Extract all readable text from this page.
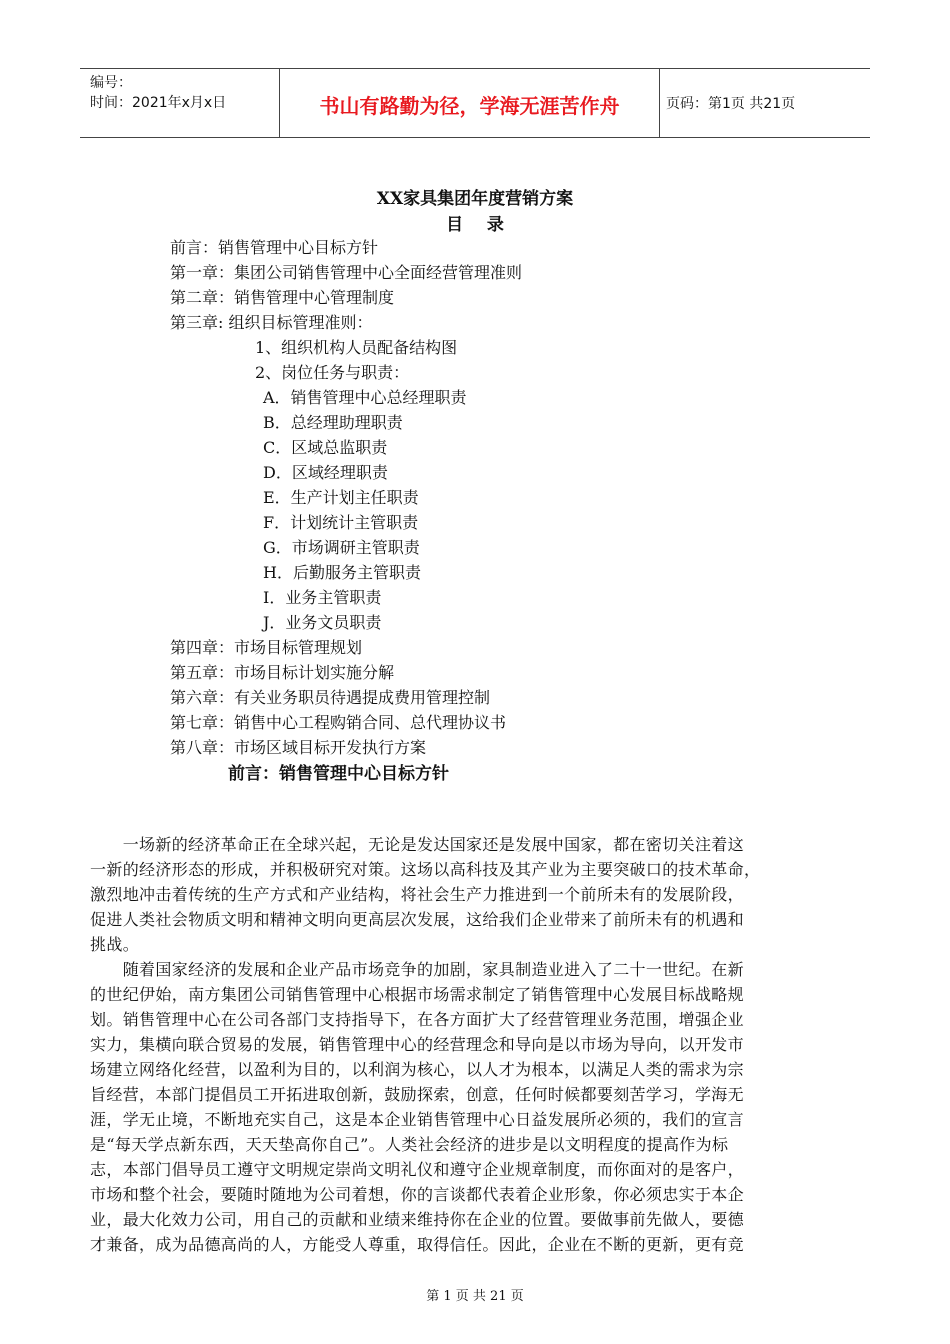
编号：
时间：2021年x月x日	书山有路勤为径，学海无涯苦作舟	页码：第1页 共21页
XX家具集团年度营销方案
目    录
前言：销售管理中心目标方针
第一章：集团公司销售管理中心全面经营管理准则
第二章：销售管理中心管理制度
第三章: 组织目标管理准则：
1、组织机构人员配备结构图
2、岗位任务与职责：
A．销售管理中心总经理职责
B．总经理助理职责
C．区域总监职责
D．区域经理职责
E．生产计划主任职责
F．计划统计主管职责
G．市场调研主管职责
H．后勤服务主管职责
I．业务主管职责
J．业务文员职责
第四章：市场目标管理规划
第五章：市场目标计划实施分解
第六章：有关业务职员待遇提成费用管理控制
第七章：销售中心工程购销合同、总代理协议书
第八章：市场区域目标开发执行方案
前言：销售管理中心目标方针
　　一场新的经济革命正在全球兴起，无论是发达国家还是发展中国家，都在密切关注着这
一新的经济形态的形成，并积极研究对策。这场以高科技及其产业为主要突破口的技术革命，
激烈地冲击着传统的生产方式和产业结构，将社会生产力推进到一个前所未有的发展阶段，
促进人类社会物质文明和精神文明向更高层次发展，这给我们企业带来了前所未有的机遇和
挑战。
　　随着国家经济的发展和企业产品市场竞争的加剧，家具制造业进入了二十一世纪。在新
的世纪伊始，南方集团公司销售管理中心根据市场需求制定了销售管理中心发展目标战略规
划。销售管理中心在公司各部门支持指导下，在各方面扩大了经营管理业务范围，增强企业
实力，集横向联合贸易的发展，销售管理中心的经营理念和导向是以市场为导向，以开发市
场建立网络化经营，以盈利为目的，以利润为核心，以人才为根本，以满足人类的需求为宗
旨经营，本部门提倡员工开拓进取创新，鼓励探索，创意，任何时候都要刻苦学习，学海无
涯，学无止境，不断地充实自己，这是本企业销售管理中心日益发展所必须的，我们的宣言
是“每天学点新东西，天天垫高你自己”。人类社会经济的进步是以文明程度的提高作为标
志，本部门倡导员工遵守文明规定崇尚文明礼仪和遵守企业规章制度，而你面对的是客户，
市场和整个社会，要随时随地为公司着想，你的言谈都代表着企业形象，你必须忠实于本企
业，最大化效力公司，用自己的贡献和业绩来维持你在企业的位置。要做事前先做人，要德
才兼备，成为品德高尚的人，方能受人尊重，取得信任。因此，企业在不断的更新，更有竞
第 1 页 共 21 页
